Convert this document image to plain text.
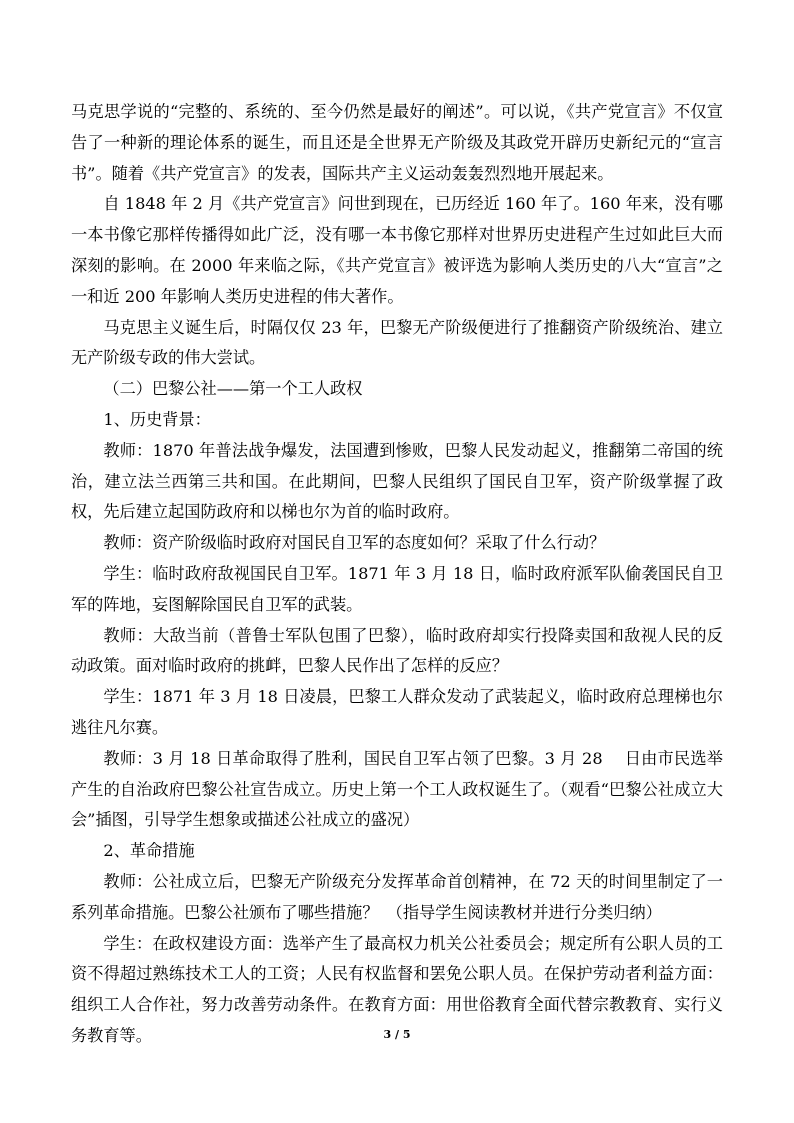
马克思学说的“完整的、系统的、至今仍然是最好的阐述”。可以说，《共产党宣言》不仅宣告了一种新的理论体系的诞生，而且还是全世界无产阶级及其政党开辟历史新纪元的“宣言书”。随着《共产党宣言》的发表，国际共产主义运动轰轰烈烈地开展起来。

自 1848 年 2 月《共产党宣言》问世到现在，已历经近 160 年了。160 年来，没有哪一本书像它那样传播得如此广泛，没有哪一本书像它那样对世界历史进程产生过如此巨大而深刻的影响。在 2000 年来临之际，《共产党宣言》被评选为影响人类历史的八大“宣言”之一和近 200 年影响人类历史进程的伟大著作。

马克思主义诞生后，时隔仅仅 23 年，巴黎无产阶级便进行了推翻资产阶级统治、建立无产阶级专政的伟大尝试。

（二）巴黎公社——第一个工人政权

1、历史背景：

教师：1870 年普法战争爆发，法国遭到惨败，巴黎人民发动起义，推翻第二帝国的统治，建立法兰西第三共和国。在此期间，巴黎人民组织了国民自卫军，资产阶级掌握了政权，先后建立起国防政府和以梯也尔为首的临时政府。

教师：资产阶级临时政府对国民自卫军的态度如何？采取了什么行动？

学生：临时政府敌视国民自卫军。1871 年 3 月 18 日，临时政府派军队偷袭国民自卫军的阵地，妄图解除国民自卫军的武装。

教师：大敌当前（普鲁士军队包围了巴黎），临时政府却实行投降卖国和敌视人民的反动政策。面对临时政府的挑衅，巴黎人民作出了怎样的反应？

学生：1871 年 3 月 18 日凌晨，巴黎工人群众发动了武装起义，临时政府总理梯也尔逃往凡尔赛。

教师：3 月 18 日革命取得了胜利，国民自卫军占领了巴黎。3 月 28　 日由市民选举产生的自治政府巴黎公社宣告成立。历史上第一个工人政权诞生了。（观看“巴黎公社成立大会”插图，引导学生想象或描述公社成立的盛况）

2、革命措施

教师：公社成立后，巴黎无产阶级充分发挥革命首创精神，在 72 天的时间里制定了一系列革命措施。巴黎公社颁布了哪些措施？　（指导学生阅读教材并进行分类归纳）

学生：在政权建设方面：选举产生了最高权力机关公社委员会；规定所有公职人员的工资不得超过熟练技术工人的工资；人民有权监督和罢免公职人员。在保护劳动者利益方面：组织工人合作社，努力改善劳动条件。在教育方面：用世俗教育全面代替宗教教育、实行义务教育等。	3 / 5
